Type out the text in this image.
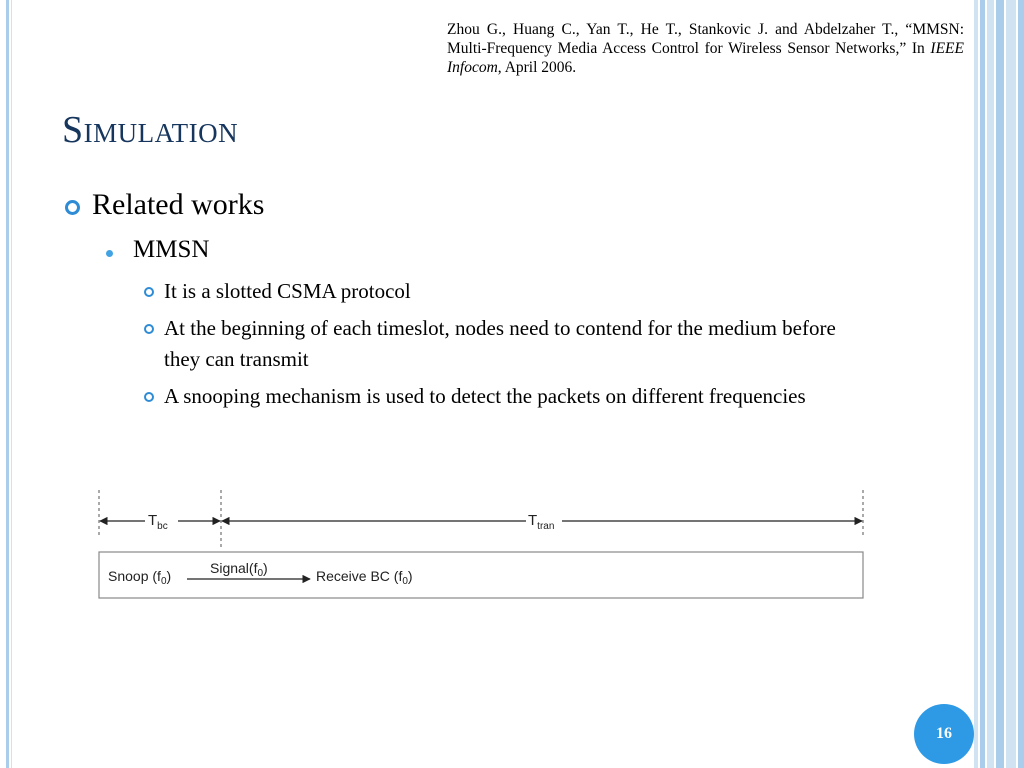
Zhou G., Huang C., Yan T., He T., Stankovic J. and Abdelzaher T., “MMSN: Multi-Frequency Media Access Control for Wireless Sensor Networks,” In IEEE Infocom, April 2006.
Simulation
Related works
MMSN
It is a slotted CSMA protocol
At the beginning of each timeslot, nodes need to contend for the medium before they can transmit
A snooping mechanism is used to detect the packets on different frequencies
$T_{bc}$	$T_{tran}$
Snoop $(f_0)$	$Signal(f_0)$	Receive BC $(f_0)$
16
